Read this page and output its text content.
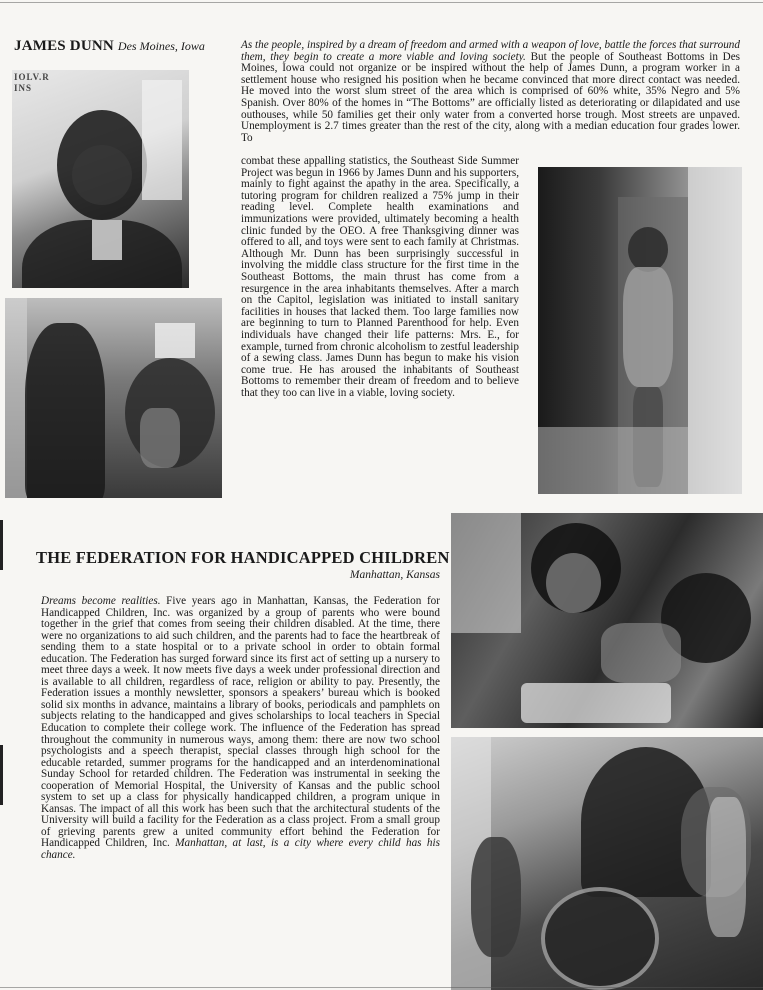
JAMES DUNN Des Moines, Iowa
IOLV.R
INS
As the people, inspired by a dream of freedom and armed with a weapon of love, battle the forces that surround them, they begin to create a more viable and loving society. But the people of Southeast Bottoms in Des Moines, Iowa could not organize or be inspired without the help of James Dunn, a program worker in a settlement house who resigned his position when he became convinced that more direct contact was needed. He moved into the worst slum street of the area which is comprised of 60% white, 35% Negro and 5% Spanish. Over 80% of the homes in “The Bottoms” are officially listed as deteriorating or dilapidated and use outhouses, while 50 families get their only water from a converted horse trough. Most streets are unpaved. Unemployment is 2.7 times greater than the rest of the city, along with a median education four grades lower. To
combat these appalling statistics, the Southeast Side Summer Project was begun in 1966 by James Dunn and his supporters, mainly to fight against the apathy in the area. Specifically, a tutoring program for children realized a 75% jump in their reading level. Complete health examinations and immunizations were provided, ultimately becoming a health clinic funded by the OEO. A free Thanksgiving dinner was offered to all, and toys were sent to each family at Christmas. Although Mr. Dunn has been surprisingly successful in involving the middle class structure for the first time in the Southeast Bottoms, the main thrust has come from a resurgence in the area inhabitants themselves. After a march on the Capitol, legislation was initiated to install sanitary facilities in houses that lacked them. Too large families now are beginning to turn to Planned Parenthood for help. Even individuals have changed their life patterns: Mrs. E., for example, turned from chronic alcoholism to zestful leadership of a sewing class. James Dunn has begun to make his vision come true. He has aroused the inhabitants of Southeast Bottoms to remember their dream of freedom and to believe that they too can live in a viable, loving society.
THE FEDERATION FOR HANDICAPPED CHILDREN
Manhattan, Kansas
Dreams become realities. Five years ago in Manhattan, Kansas, the Federation for Handicapped Children, Inc. was organized by a group of parents who were bound together in the grief that comes from seeing their children disabled. At the time, there were no organizations to aid such children, and the parents had to face the heartbreak of sending them to a state hospital or to a private school in order to obtain formal education. The Federation has surged forward since its first act of setting up a nursery to meet three days a week. It now meets five days a week under professional direction and is available to all children, regardless of race, religion or ability to pay. Presently, the Federation issues a monthly newsletter, sponsors a speakers’ bureau which is booked solid six months in advance, maintains a library of books, periodicals and pamphlets on subjects relating to the handicapped and gives scholarships to local teachers in Special Education to complete their college work. The influence of the Federation has spread throughout the community in numerous ways, among them: there are now two school psychologists and a speech therapist, special classes through high school for the educable retarded, summer programs for the handicapped and an interdenominational Sunday School for retarded children. The Federation was instrumental in seeking the cooperation of Memorial Hospital, the University of Kansas and the public school system to set up a class for physically handicapped children, a program unique in Kansas. The impact of all this work has been such that the architectural students of the University will build a facility for the Federation as a class project. From a small group of grieving parents grew a united community effort behind the Federation for Handicapped Children, Inc. Manhattan, at last, is a city where every child has his chance.
